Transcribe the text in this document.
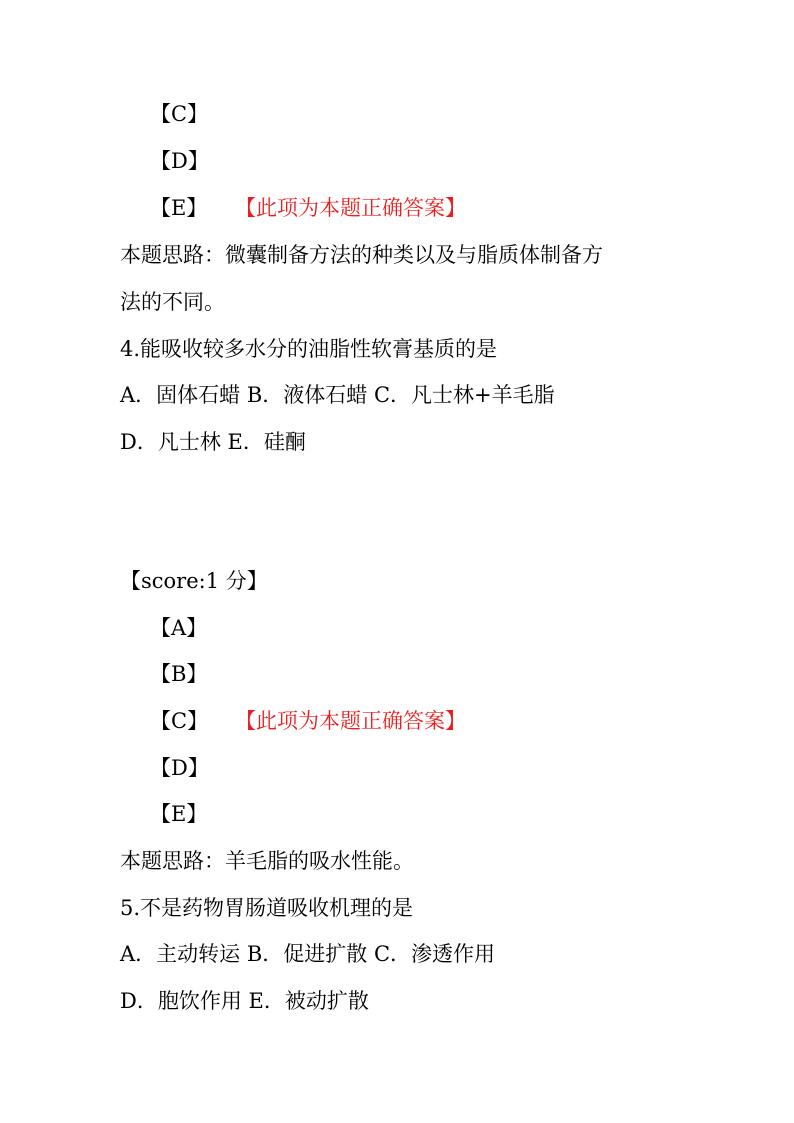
【C】
【D】
【E】	【此项为本题正确答案】
本题思路：微囊制备方法的种类以及与脂质体制备方
法的不同。
4.能吸收较多水分的油脂性软膏基质的是
A．固体石蜡 B．液体石蜡 C．凡士林+羊毛脂
D．凡士林 E．硅酮
【score:1 分】
【A】
【B】
【C】 【此项为本题正确答案】
【D】
【E】
本题思路：羊毛脂的吸水性能。
5.不是药物胃肠道吸收机理的是
A．主动转运 B．促进扩散 C．渗透作用
D．胞饮作用 E．被动扩散
